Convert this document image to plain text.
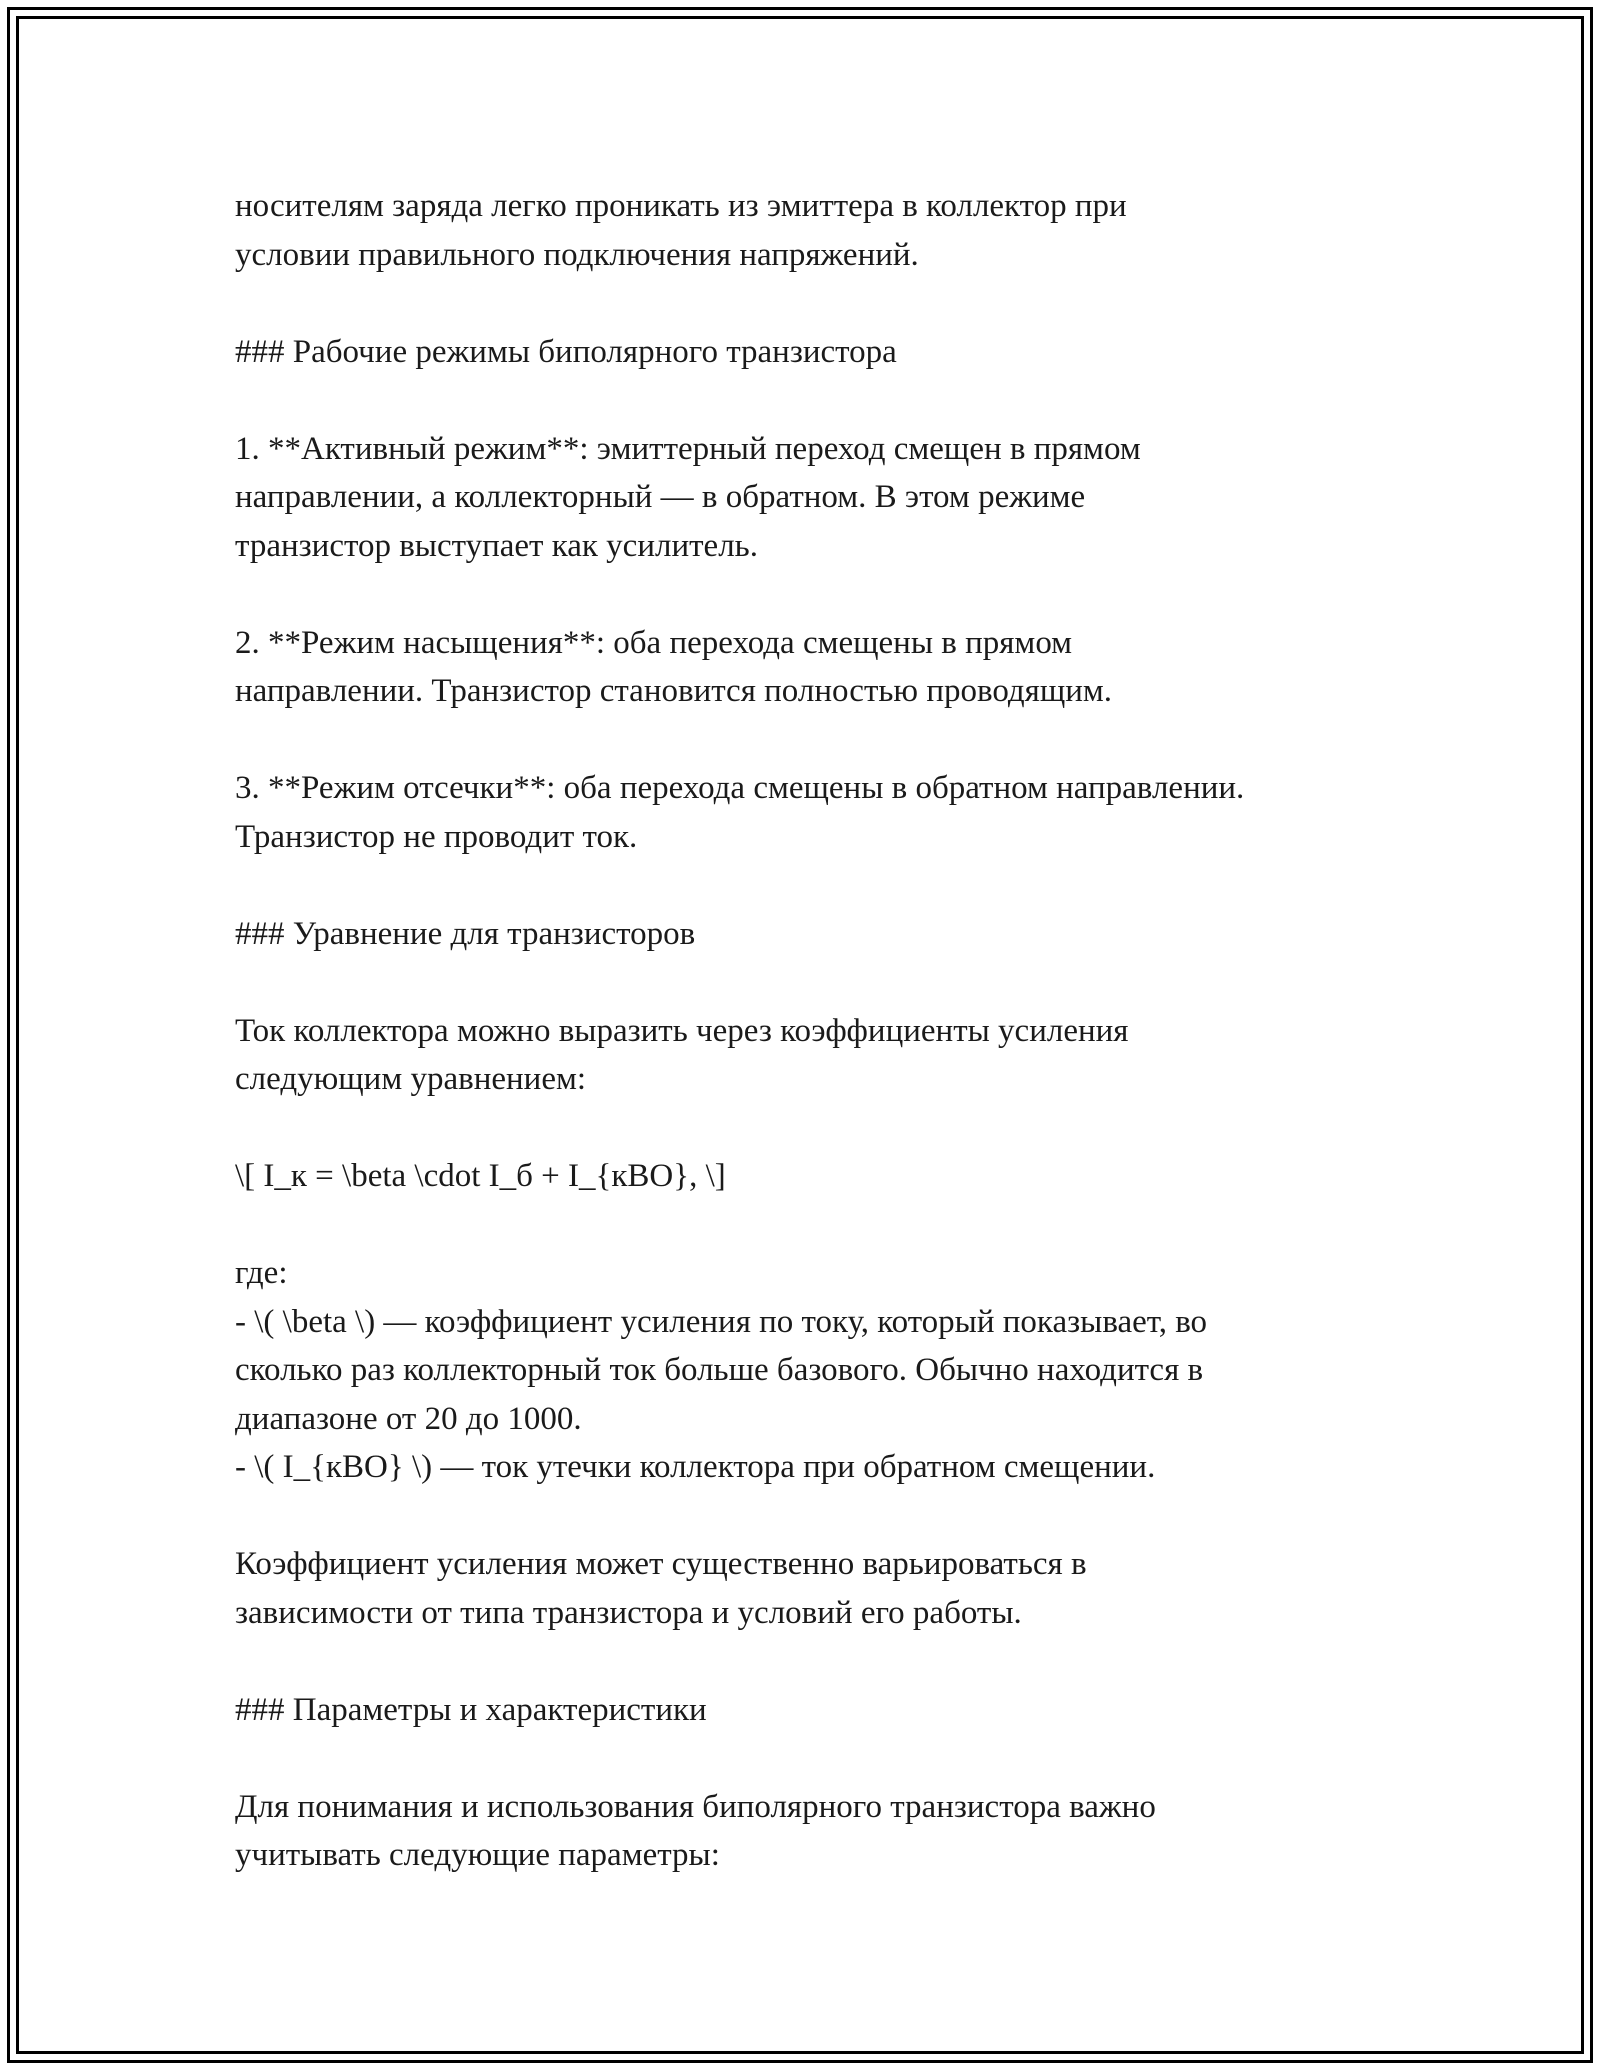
носителям заряда легко проникать из эмиттера в коллектор при
условии правильного подключения напряжений.
### Рабочие режимы биполярного транзистора
1. **Активный режим**: эмиттерный переход смещен в прямом
направлении, а коллекторный — в обратном. В этом режиме
транзистор выступает как усилитель.
2. **Режим насыщения**: оба перехода смещены в прямом
направлении. Транзистор становится полностью проводящим.
3. **Режим отсечки**: оба перехода смещены в обратном направлении.
Транзистор не проводит ток.
### Уравнение для транзисторов
Ток коллектора можно выразить через коэффициенты усиления
следующим уравнением:
\[ I_к = \beta \cdot I_б + I_{кВО}, \]
где:
- \( \beta \) — коэффициент усиления по току, который показывает, во
сколько раз коллекторный ток больше базового. Обычно находится в
диапазоне от 20 до 1000.
- \( I_{кВО} \) — ток утечки коллектора при обратном смещении.
Коэффициент усиления может существенно варьироваться в
зависимости от типа транзистора и условий его работы.
### Параметры и характеристики
Для понимания и использования биполярного транзистора важно
учитывать следующие параметры:
